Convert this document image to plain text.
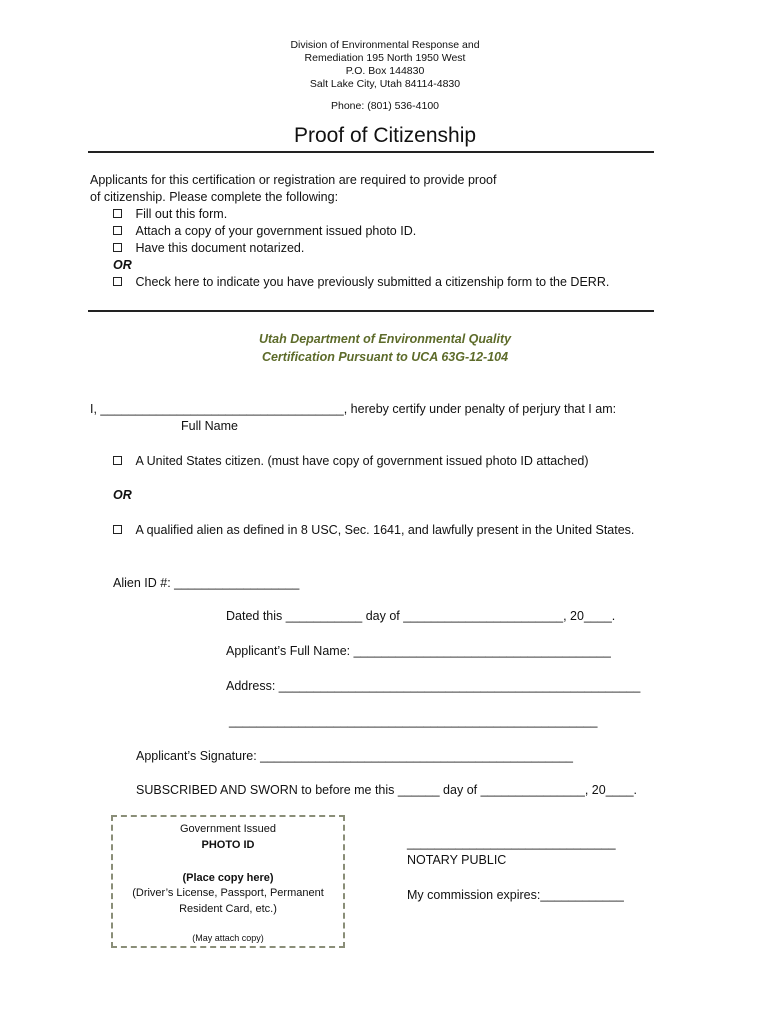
Division of Environmental Response and
Remediation 195 North 1950 West
P.O. Box 144830
Salt Lake City, Utah 84114-4830
Phone: (801) 536-4100
Proof of Citizenship
Applicants for this certification or registration are required to provide proof
of citizenship. Please complete the following:
Fill out this form.
Attach a copy of your government issued photo ID.
Have this document notarized.
OR
Check here to indicate you have previously submitted a citizenship form to the DERR.
Utah Department of Environmental Quality
Certification Pursuant to UCA 63G-12-104
I, ___________________________________, hereby certify under penalty of perjury that I am:
Full Name
A United States citizen. (must have copy of government issued photo ID attached)
OR
A qualified alien as defined in 8 USC, Sec. 1641, and lawfully present in the United States.
Alien ID #: __________________
Dated this ___________ day of _______________________, 20____.
Applicant’s Full Name: _____________________________________
Address: ____________________________________________________
_____________________________________________________
Applicant’s Signature: _____________________________________________
SUBSCRIBED AND SWORN to before me this ______ day of _______________, 20____.
Government Issued
PHOTO ID
(Place copy here)
(Driver’s License, Passport, Permanent
Resident Card, etc.)
(May attach copy)
______________________________
NOTARY PUBLIC
My commission expires:____________
